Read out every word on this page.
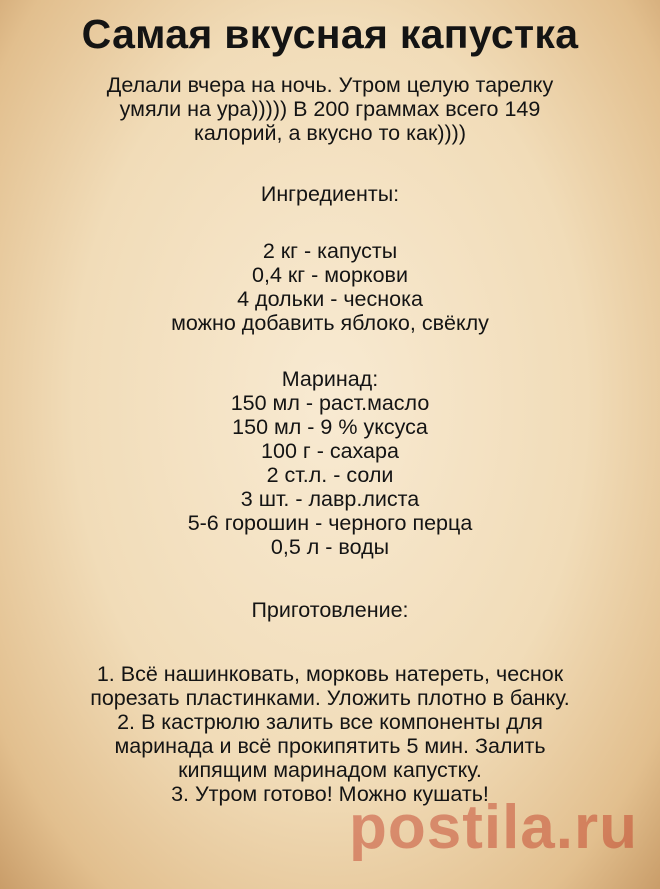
Самая вкусная капустка
Делали вчера на ночь. Утром целую тарелку
умяли на ура))))) В 200 граммах всего 149
калорий, а вкусно то как))))
Ингредиенты:
2 кг - капусты
0,4 кг - моркови
4 дольки - чеснока
можно добавить яблоко, свёклу
Маринад:
150 мл - раст.масло
150 мл - 9 % уксуса
100 г - сахара
2 ст.л. - соли
3 шт. - лавр.листа
5-6 горошин - черного перца
0,5 л - воды
Приготовление:
1. Всё нашинковать, морковь натереть, чеснок
порезать пластинками. Уложить плотно в банку.
2. В кастрюлю залить все компоненты для
маринада и всё прокипятить 5 мин. Залить
кипящим маринадом капустку.
3. Утром готово! Можно кушать!
postila.ru
